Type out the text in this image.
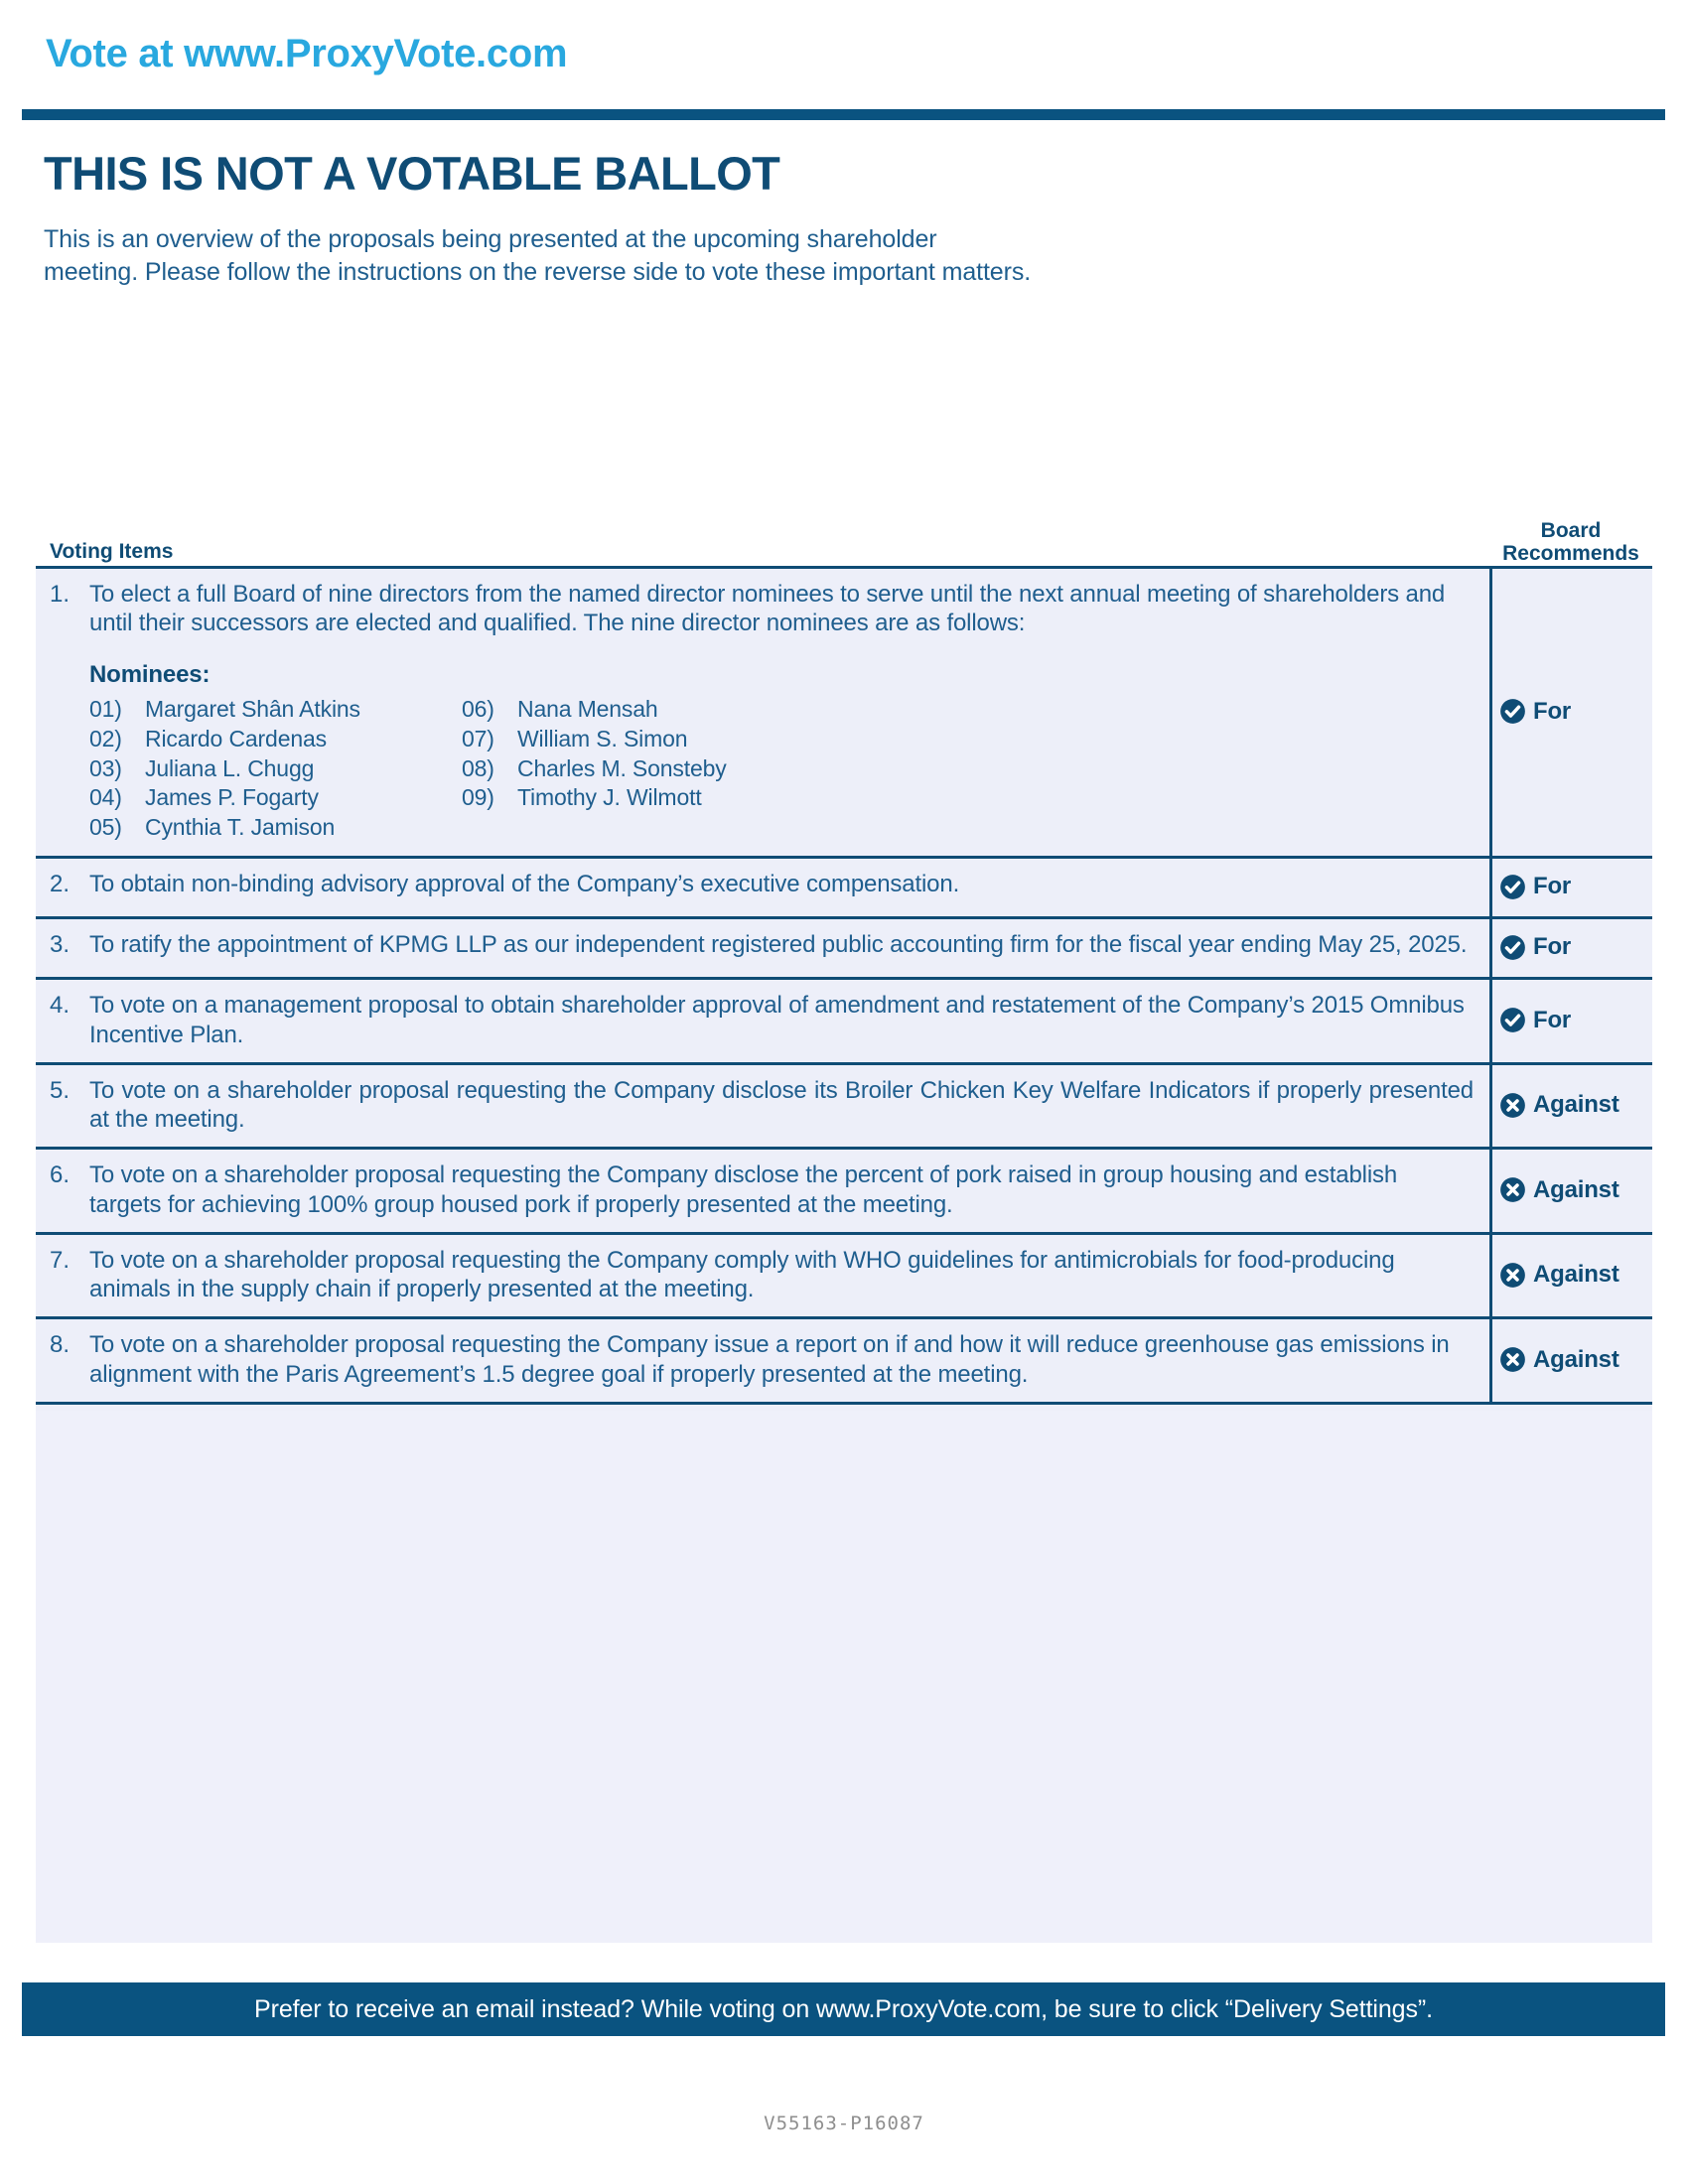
Vote at www.ProxyVote.com
THIS IS NOT A VOTABLE BALLOT

This is an overview of the proposals being presented at the upcoming shareholder meeting. Please follow the instructions on the reverse side to vote these important matters.

Voting Items
Board
Recommends
1. To elect a full Board of nine directors from the named director nominees to serve until the next annual meeting of shareholders and until their successors are elected and qualified. The nine director nominees are as follows:
Nominees:
01) Margaret Shân Atkins
02) Ricardo Cardenas
03) Juliana L. Chugg
04) James P. Fogarty
05) Cynthia T. Jamison
06) Nana Mensah
07) William S. Simon
08) Charles M. Sonsteby
09) Timothy J. Wilmott
For
2. To obtain non-binding advisory approval of the Company’s executive compensation.	For
3. To ratify the appointment of KPMG LLP as our independent registered public accounting firm for the fiscal year ending May 25, 2025.	For
4. To vote on a management proposal to obtain shareholder approval of amendment and restatement of the Company’s 2015 Omnibus Incentive Plan.
For
5. To vote on a shareholder proposal requesting the Company disclose its Broiler Chicken Key Welfare Indicators if properly presented at the meeting.
Against
6. To vote on a shareholder proposal requesting the Company disclose the percent of pork raised in group housing and establish targets for achieving 100% group housed pork if properly presented at the meeting.
Against
7. To vote on a shareholder proposal requesting the Company comply with WHO guidelines for antimicrobials for food-producing animals in the supply chain if properly presented at the meeting.
Against
8. To vote on a shareholder proposal requesting the Company issue a report on if and how it will reduce greenhouse gas emissions in alignment with the Paris Agreement’s 1.5 degree goal if properly presented at the meeting.
Against
Prefer to receive an email instead? While voting on www.ProxyVote.com, be sure to click “Delivery Settings”.
V55163-P16087
